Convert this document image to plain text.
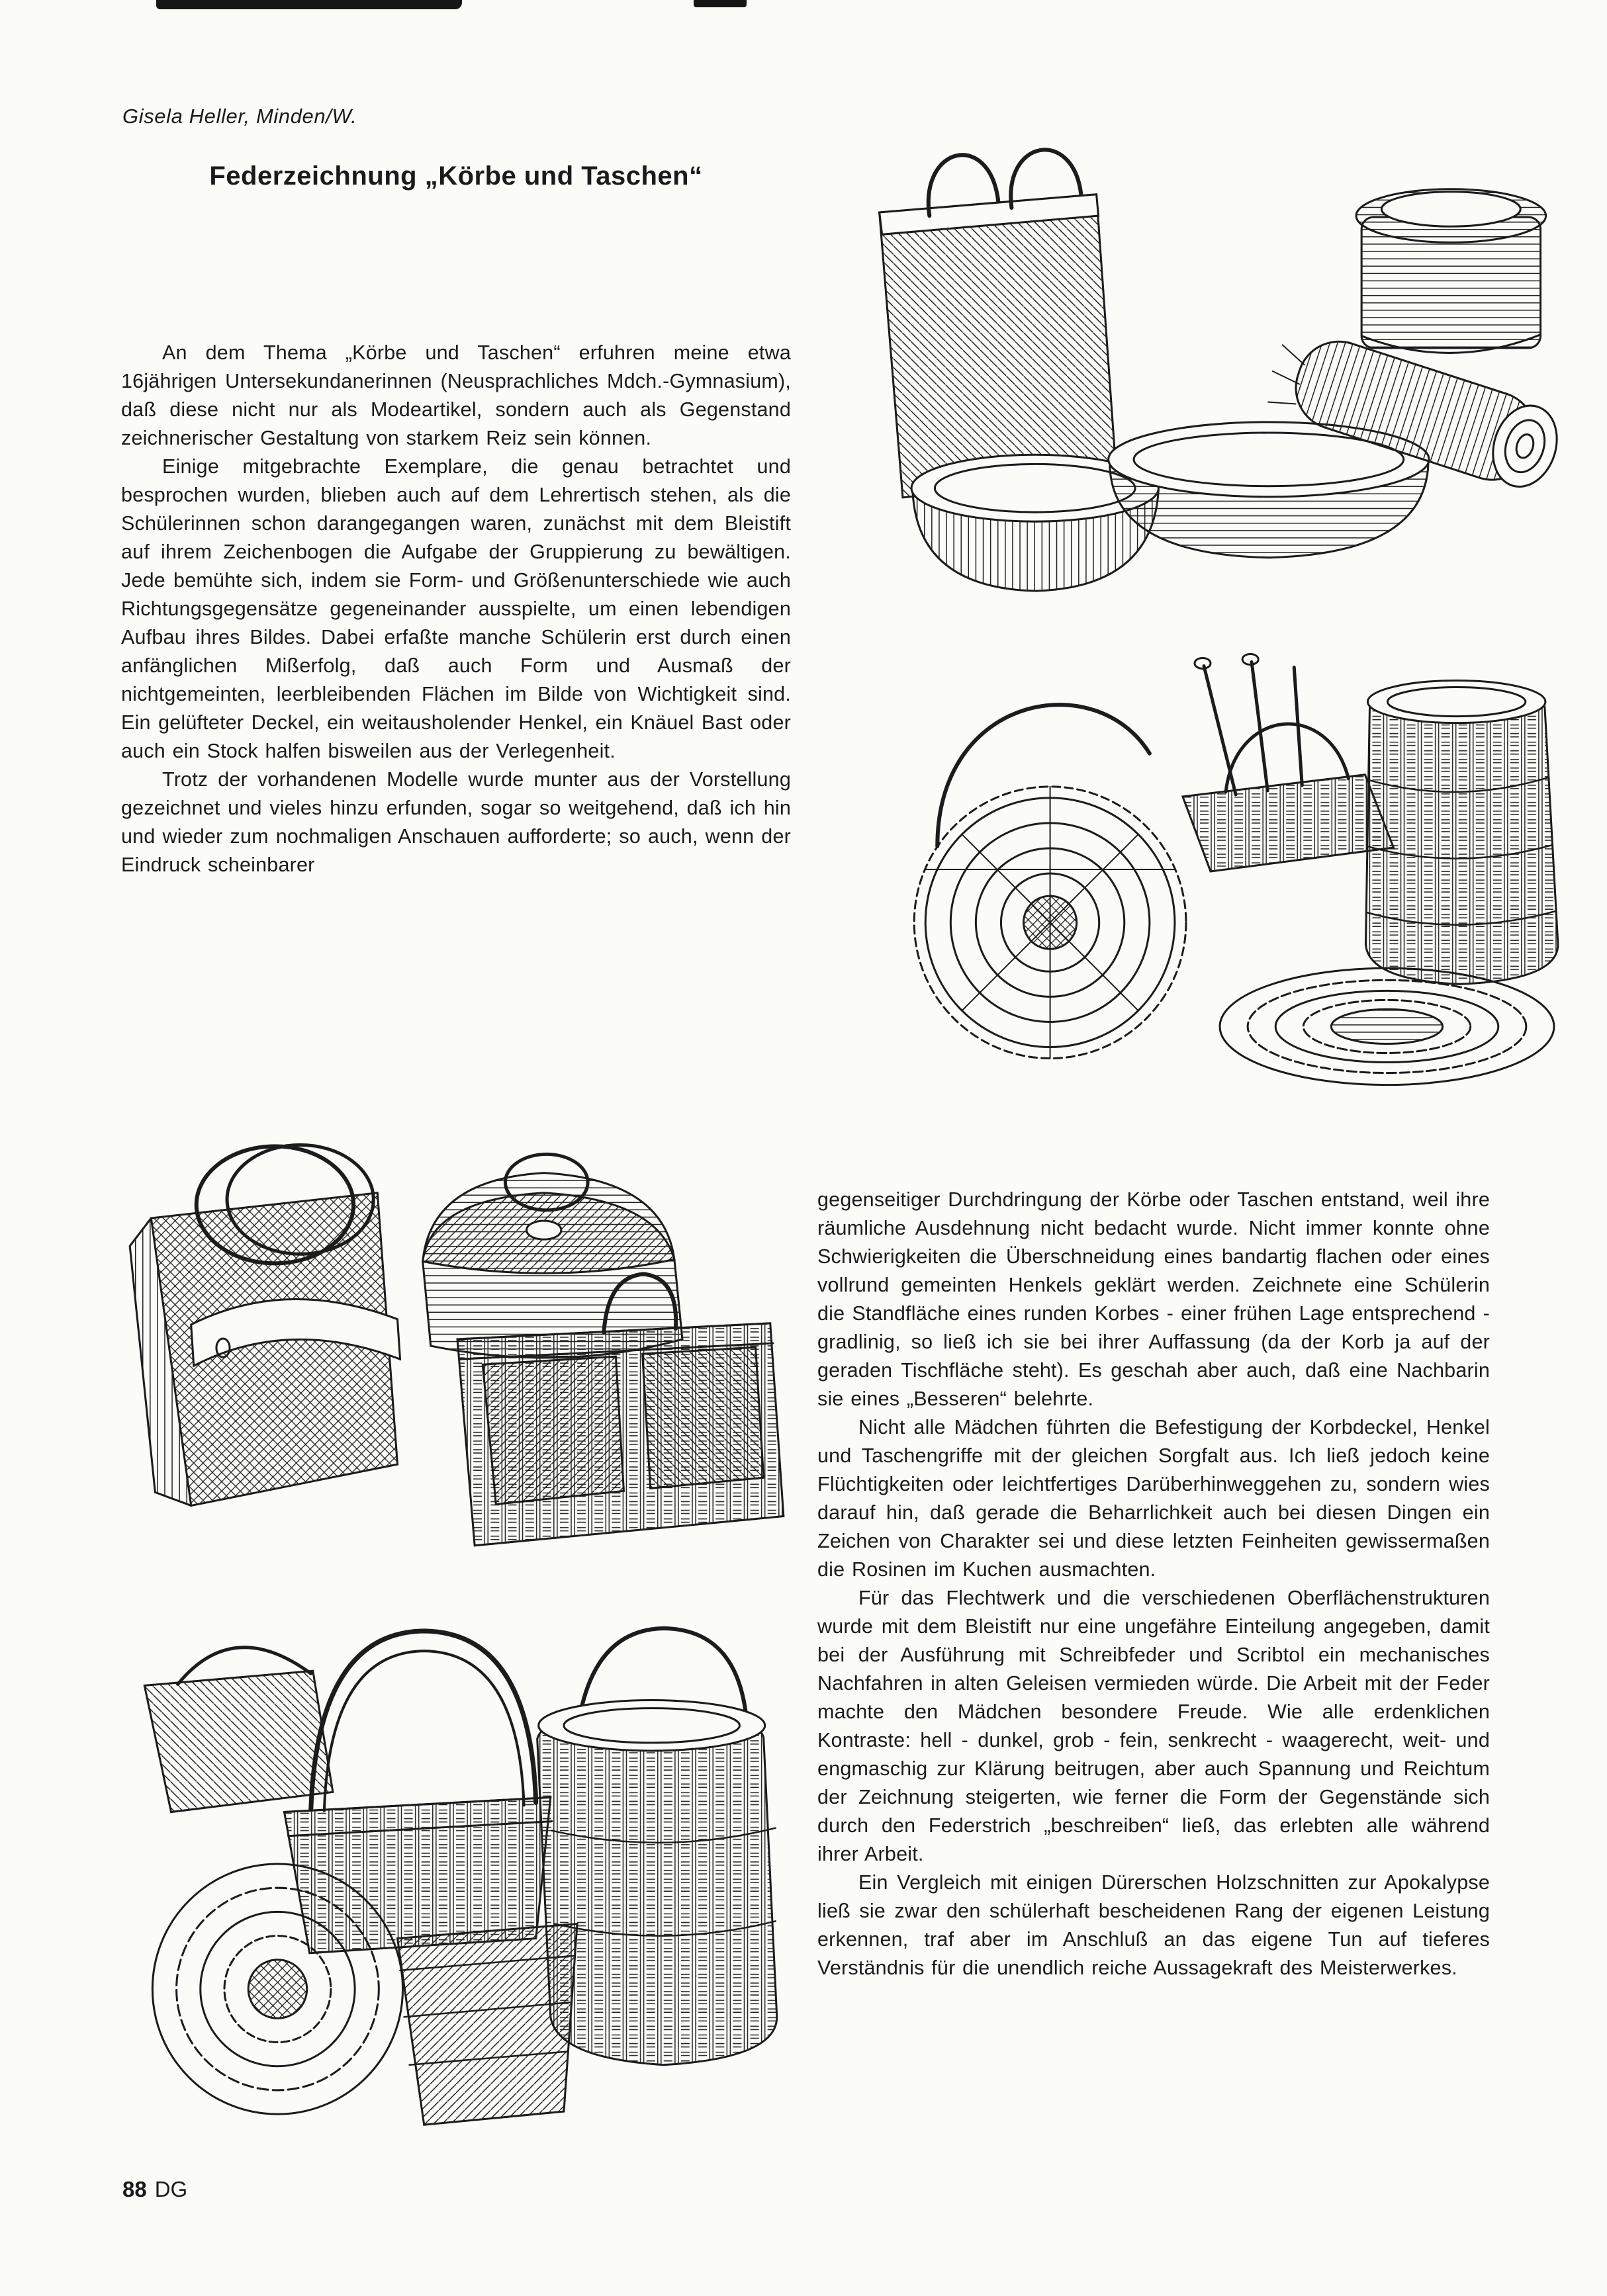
Gisela Heller, Minden/W.

Federzeichnung „Körbe und Taschen“

An dem Thema „Körbe und Taschen“ erfuhren meine etwa 16jährigen Untersekundanerinnen (Neusprachliches Mdch.-Gymnasium), daß diese nicht nur als Modeartikel, sondern auch als Gegenstand zeichnerischer Gestaltung von starkem Reiz sein können.

Einige mitgebrachte Exemplare, die genau betrachtet und besprochen wurden, blieben auch auf dem Lehrertisch stehen, als die Schülerinnen schon darangegangen waren, zunächst mit dem Bleistift auf ihrem Zeichenbogen die Aufgabe der Gruppierung zu bewältigen. Jede bemühte sich, indem sie Form- und Größenunterschiede wie auch Richtungsgegensätze gegeneinander ausspielte, um einen lebendigen Aufbau ihres Bildes. Dabei erfaßte manche Schülerin erst durch einen anfänglichen Mißerfolg, daß auch Form und Ausmaß der nichtgemeinten, leerbleibenden Flächen im Bilde von Wichtigkeit sind. Ein gelüfteter Deckel, ein weitausholender Henkel, ein Knäuel Bast oder auch ein Stock halfen bisweilen aus der Verlegenheit.

Trotz der vorhandenen Modelle wurde munter aus der Vorstellung gezeichnet und vieles hinzu erfunden, sogar so weitgehend, daß ich hin und wieder zum nochmaligen Anschauen aufforderte; so auch, wenn der Eindruck scheinbarer

gegenseitiger Durchdringung der Körbe oder Taschen entstand, weil ihre räumliche Ausdehnung nicht bedacht wurde. Nicht immer konnte ohne Schwierigkeiten die Überschneidung eines bandartig flachen oder eines vollrund gemeinten Henkels geklärt werden. Zeichnete eine Schülerin die Standfläche eines runden Korbes - einer frühen Lage entsprechend - gradlinig, so ließ ich sie bei ihrer Auffassung (da der Korb ja auf der geraden Tischfläche steht). Es geschah aber auch, daß eine Nachbarin sie eines „Besseren“ belehrte.

Nicht alle Mädchen führten die Befestigung der Korbdeckel, Henkel und Taschengriffe mit der gleichen Sorgfalt aus. Ich ließ jedoch keine Flüchtigkeiten oder leichtfertiges Darüberhinweggehen zu, sondern wies darauf hin, daß gerade die Beharrlichkeit auch bei diesen Dingen ein Zeichen von Charakter sei und diese letzten Feinheiten gewissermaßen die Rosinen im Kuchen ausmachten.

Für das Flechtwerk und die verschiedenen Oberflächenstrukturen wurde mit dem Bleistift nur eine ungefähre Einteilung angegeben, damit bei der Ausführung mit Schreibfeder und Scribtol ein mechanisches Nachfahren in alten Geleisen vermieden würde. Die Arbeit mit der Feder machte den Mädchen besondere Freude. Wie alle erdenklichen Kontraste: hell - dunkel, grob - fein, senkrecht - waagerecht, weit- und engmaschig zur Klärung beitrugen, aber auch Spannung und Reichtum der Zeichnung steigerten, wie ferner die Form der Gegenstände sich durch den Federstrich „beschreiben“ ließ, das erlebten alle während ihrer Arbeit.

Ein Vergleich mit einigen Dürerschen Holzschnitten zur Apokalypse ließ sie zwar den schülerhaft bescheidenen Rang der eigenen Leistung erkennen, traf aber im Anschluß an das eigene Tun auf tieferes Verständnis für die unendlich reiche Aussagekraft des Meisterwerkes.

88 DG
